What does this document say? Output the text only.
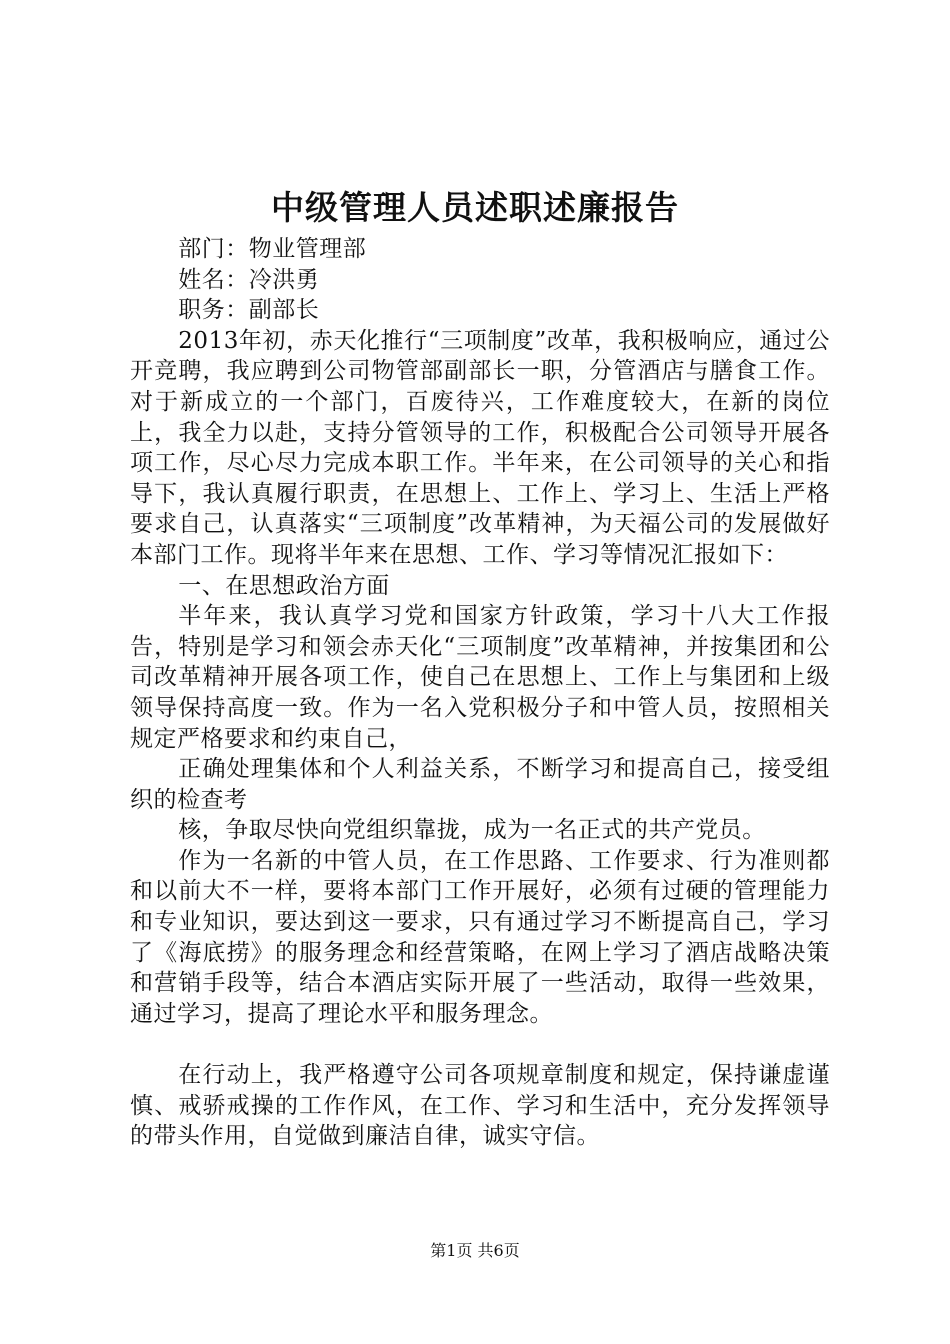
中级管理人员述职述廉报告

部门：物业管理部

姓名：冷洪勇

职务：副部长

2013年初，赤天化推行“三项制度”改革，我积极响应，通过公开竞聘，我应聘到公司物管部副部长一职，分管酒店与膳食工作。对于新成立的一个部门，百废待兴，工作难度较大，在新的岗位上，我全力以赴，支持分管领导的工作，积极配合公司领导开展各项工作，尽心尽力完成本职工作。半年来，在公司领导的关心和指导下，我认真履行职责，在思想上、工作上、学习上、生活上严格要求自己，认真落实“三项制度”改革精神，为天福公司的发展做好本部门工作。现将半年来在思想、工作、学习等情况汇报如下：

一、在思想政治方面

半年来，我认真学习党和国家方针政策，学习十八大工作报告，特别是学习和领会赤天化“三项制度”改革精神，并按集团和公司改革精神开展各项工作，使自己在思想上、工作上与集团和上级领导保持高度一致。作为一名入党积极分子和中管人员，按照相关规定严格要求和约束自己，

正确处理集体和个人利益关系，不断学习和提高自己，接受组织的检查考

核，争取尽快向党组织靠拢，成为一名正式的共产党员。

作为一名新的中管人员，在工作思路、工作要求、行为准则都和以前大不一样，要将本部门工作开展好，必须有过硬的管理能力和专业知识，要达到这一要求，只有通过学习不断提高自己，学习了《海底捞》的服务理念和经营策略，在网上学习了酒店战略决策和营销手段等，结合本酒店实际开展了一些活动，取得一些效果，通过学习，提高了理论水平和服务理念。

在行动上，我严格遵守公司各项规章制度和规定，保持谦虚谨慎、戒骄戒操的工作作风，在工作、学习和生活中，充分发挥领导的带头作用，自觉做到廉洁自律，诚实守信。

第1页 共6页
